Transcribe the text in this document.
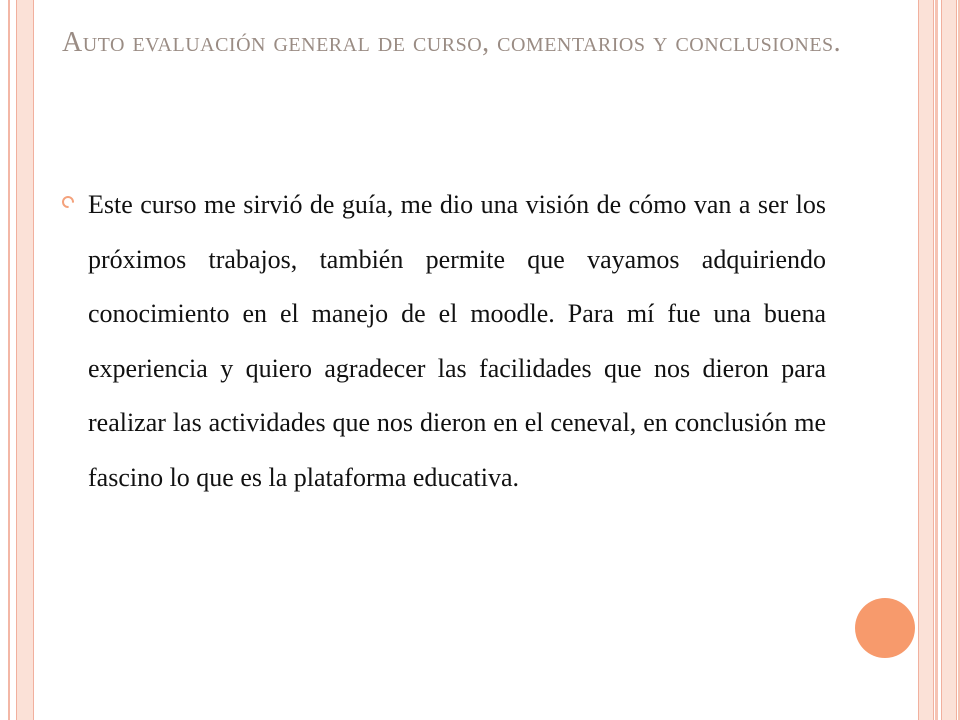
Auto evaluación general de curso, comentarios y conclusiones.
Este curso me sirvió de guía, me dio una visión de cómo van a ser los próximos trabajos, también permite que vayamos adquiriendo conocimiento en el manejo de el moodle. Para mí fue una buena experiencia y quiero agradecer las facilidades que nos dieron para realizar las actividades que nos dieron en el ceneval, en conclusión me fascino lo que es la plataforma educativa.
